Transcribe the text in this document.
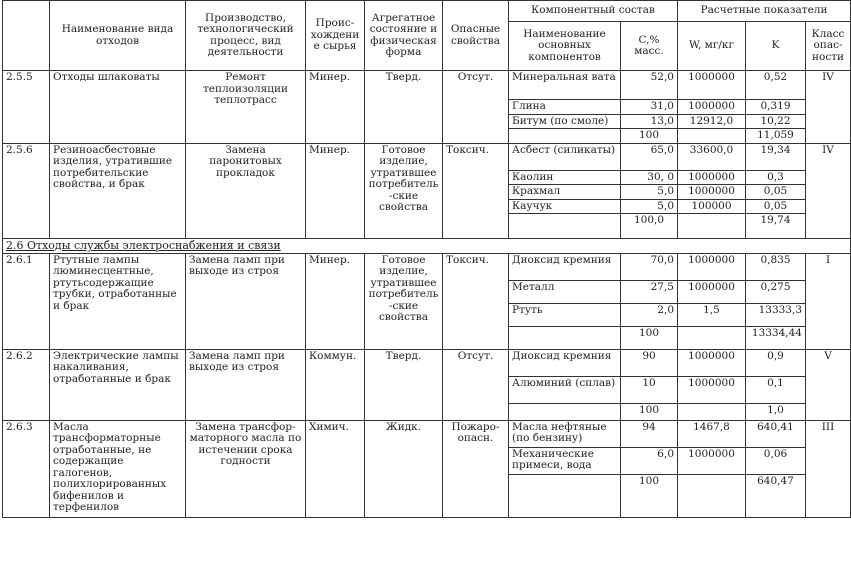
	Наименование вида отходов	Производство, технологический процесс, вид деятельности	Проис-хождение сырья	Агрегатное состояние и физическая форма	Опасные свойства	Компонентный состав		Расчетные показатели		
						Наименование основных компонентов	C,% масс.	W, мг/кг	K	Класс опас-ности
2.5.5	Отходы шлаковаты	Ремонт теплоизоляции теплотрасс	Минер.	Тверд.	Отсут.	Минеральная вата	52,0	1000000	0,52	IV
						Глина	31,0	1000000	0,319	
						Битум (по смоле)	13,0	12912,0	10,22	
							100		11,059	
2.5.6	Резиноасбестовые изделия, утратившие потребительские свойства, и брак	Замена паронитовых прокладок	Минер.	Готовое изделие, утратившее потребитель-ские свойства	Токсич.	Асбест (силикаты)	65,0	33600,0	19,34	IV
						Каолин	30, 0	1000000	0,3	
						Крахмал	5,0	1000000	0,05	
						Каучук	5,0	100000	0,05	
							100,0		19,74	
2.6 Отходы службы электроснабжения и связи										
2.6.1	Ртутные лампы люминесцентные, ртутьсодержащие трубки, отработанные и брак	Замена ламп при выходе из строя	Минер.	Готовое изделие, утратившее потребитель-ские свойства	Токсич.	Диоксид кремния	70,0	1000000	0,835	I
						Металл	27,5	1000000	0,275	
						Ртуть	2,0	1,5	13333,3	
							100		13334,44	
2.6.2	Электрические лампы накаливания, отработанные и брак	Замена ламп при выходе из строя	Коммун.	Тверд.	Отсут.	Диоксид кремния	90	1000000	0,9	V
						Алюминий (сплав)	10	1000000	0,1	
							100		1,0	
2.6.3	Масла трансформаторные отработанные, не содержащие галогенов, полихлорированных бифенилов и терфенилов	Замена трансфор-маторного масла по истечении срока годности	Химич.	Жидк.	Пожаро-опасн.	Масла нефтяные (по бензину)	94	1467,8	640,41	III
						Механические примеси, вода	6,0	1000000	0,06	
							100		640,47	
